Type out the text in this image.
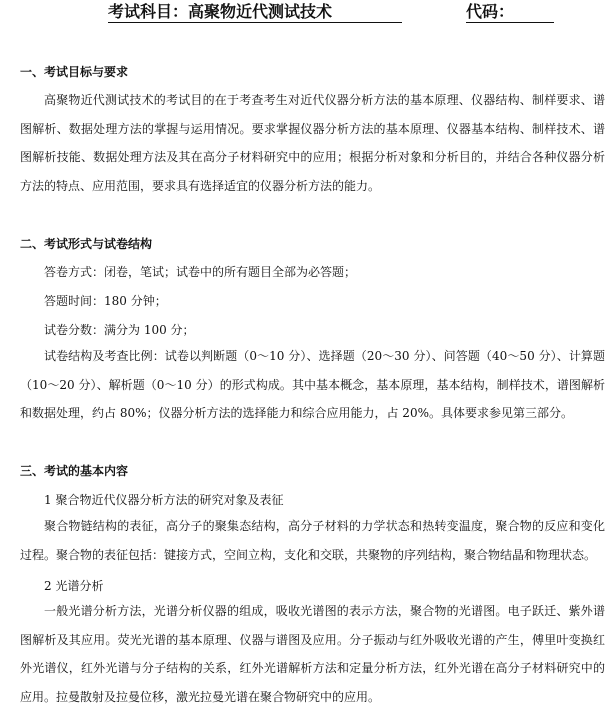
考试科目：高聚物近代测试技术	代码：
一、考试目标与要求

高聚物近代测试技术的考试目的在于考查考生对近代仪器分析方法的基本原理、仪器结构、制样要求、谱图解析、数据处理方法的掌握与运用情况。要求掌握仪器分析方法的基本原理、仪器基本结构、制样技术、谱图解析技能、数据处理方法及其在高分子材料研究中的应用；根据分析对象和分析目的，并结合各种仪器分析方法的特点、应用范围，要求具有选择适宜的仪器分析方法的能力。

二、考试形式与试卷结构
答卷方式：闭卷，笔试；试卷中的所有题目全部为必答题；
答题时间：180 分钟；
试卷分数：满分为 100 分；

试卷结构及考查比例：试卷以判断题（0～10 分）、选择题（20～30 分）、问答题（40～50 分）、计算题（10～20 分）、解析题（0～10 分）的形式构成。其中基本概念，基本原理，基本结构，制样技术，谱图解析和数据处理，约占 80%；仪器分析方法的选择能力和综合应用能力，占 20%。具体要求参见第三部分。

三、考试的基本内容
1 聚合物近代仪器分析方法的研究对象及表征

聚合物链结构的表征，高分子的聚集态结构，高分子材料的力学状态和热转变温度，聚合物的反应和变化过程。聚合物的表征包括：键接方式，空间立构，支化和交联，共聚物的序列结构，聚合物结晶和物理状态。

2 光谱分析

一般光谱分析方法，光谱分析仪器的组成，吸收光谱图的表示方法，聚合物的光谱图。电子跃迁、紫外谱图解析及其应用。荧光光谱的基本原理、仪器与谱图及应用。分子振动与红外吸收光谱的产生，傅里叶变换红外光谱仪，红外光谱与分子结构的关系，红外光谱解析方法和定量分析方法，红外光谱在高分子材料研究中的应用。拉曼散射及拉曼位移，激光拉曼光谱在聚合物研究中的应用。
